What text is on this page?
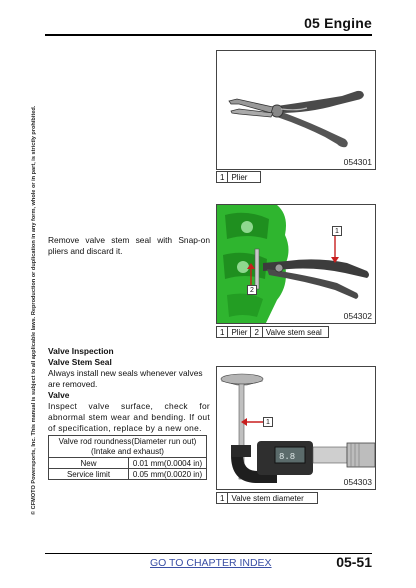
05 Engine
© CFMOTO Powersports, Inc. This manual is subject to all applicable laws. Reproduction or duplication in any form, whole or in part, is strictly prohibited.	054301
1 Plier
1
2
054302
1 Plier 2 Valve stem seal
Remove valve stem seal with Snap-on pliers and discard it.
Valve Inspection
Valve Stem Seal
Always install new seals whenever valves are removed.
Valve
Inspect valve surface, check for abnormal stem wear and bending. If out of specification, replace by a new one.
Valve rod roundness(Diameter run out)
(Intake and exhaust)	

New	0.01 mm(0.0004 in)
Service limit	0.05 mm(0.0020 in)
8.8
1
054303
1 Valve stem diameter
GO TO CHAPTER INDEX	05-51
